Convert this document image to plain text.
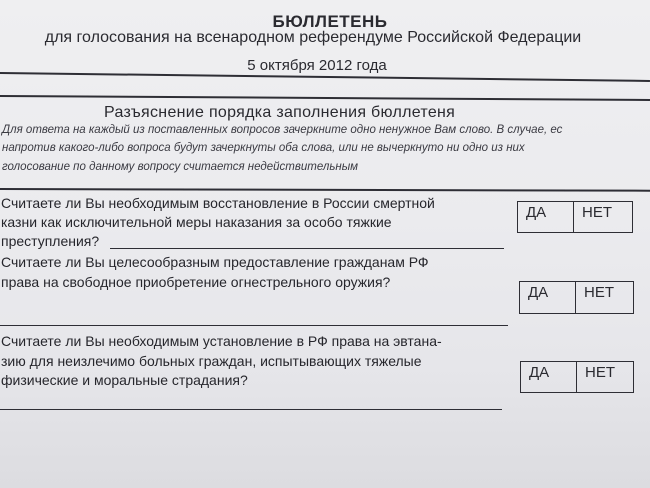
БЮЛЛЕТЕНЬ
для голосования на всенародном референдуме Российской Федерации
5 октября 2012 года
Разъяснение порядка заполнения бюллетеня
Для ответа на каждый из поставленных вопросов зачеркните одно ненужное Вам слово. В случае, ес
напротив какого-либо вопроса будут зачеркнуты оба слова, или не вычеркнуто ни одно из них
голосование по данному вопросу считается недействительным
Считаете ли Вы необходимым восстановление в России смертной
казни как исключительной меры наказания за особо тяжкие
преступления?
ДА	НЕТ
Считаете ли Вы целесообразным предоставление гражданам РФ
права на свободное приобретение огнестрельного оружия?
ДА	НЕТ
Считаете ли Вы необходимым установление в РФ права на эвтана-
зию для неизлечимо больных граждан, испытывающих тяжелые
физические и моральные страдания?	ДА	НЕТ
